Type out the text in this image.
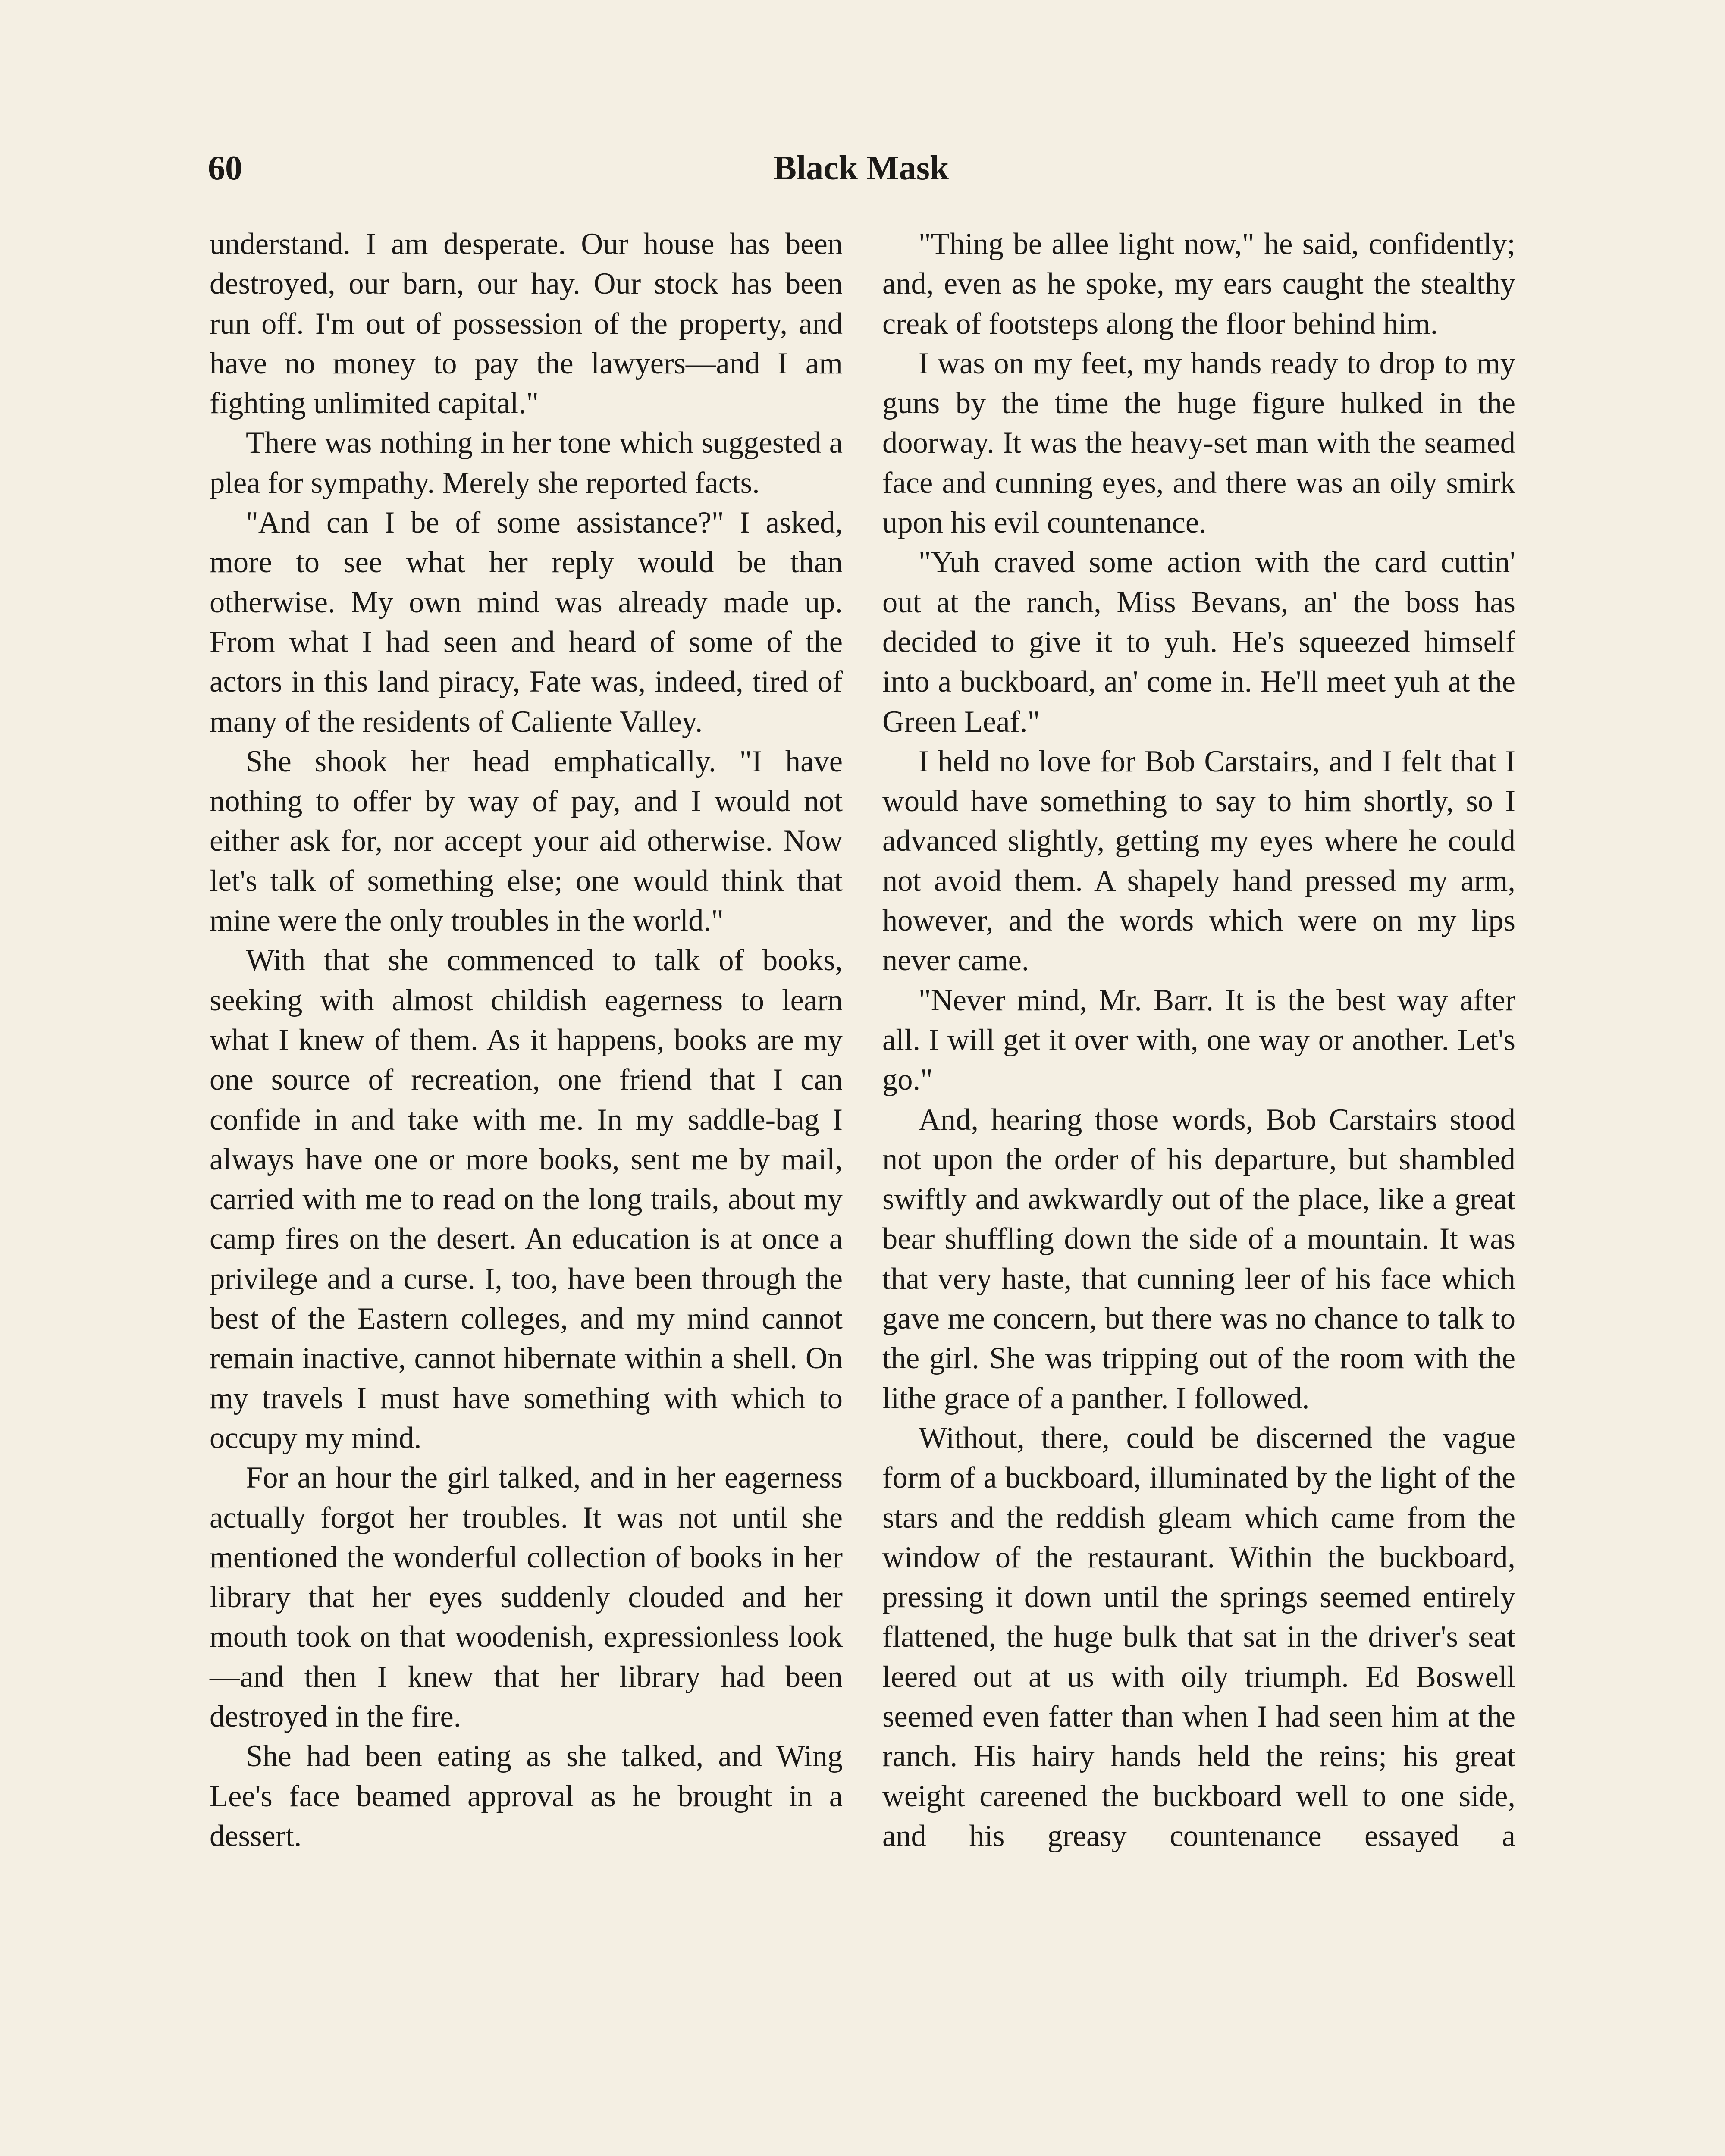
60	Black Mask

understand. I am desperate. Our house has been destroyed, our barn, our hay. Our stock has been run off. I'm out of possession of the property, and have no money to pay the lawyers—and I am fighting unlimited capital."

There was nothing in her tone which suggested a plea for sympathy. Merely she reported facts.

"And can I be of some assistance?" I asked, more to see what her reply would be than otherwise. My own mind was already made up. From what I had seen and heard of some of the actors in this land piracy, Fate was, indeed, tired of many of the residents of Caliente Valley.

She shook her head emphatically. "I have nothing to offer by way of pay, and I would not either ask for, nor accept your aid otherwise. Now let's talk of something else; one would think that mine were the only troubles in the world."

With that she commenced to talk of books, seeking with almost childish eagerness to learn what I knew of them. As it happens, books are my one source of recreation, one friend that I can confide in and take with me. In my saddle-bag I always have one or more books, sent me by mail, carried with me to read on the long trails, about my camp fires on the desert. An education is at once a privilege and a curse. I, too, have been through the best of the Eastern colleges, and my mind cannot remain inactive, cannot hibernate within a shell. On my travels I must have something with which to occupy my mind.

For an hour the girl talked, and in her eagerness actually forgot her troubles. It was not until she mentioned the wonderful collection of books in her library that her eyes suddenly clouded and her mouth took on that woodenish, expressionless look—and then I knew that her library had been destroyed in the fire.

She had been eating as she talked, and Wing Lee's face beamed approval as he brought in a dessert.

"Thing be allee light now," he said, confidently; and, even as he spoke, my ears caught the stealthy creak of footsteps along the floor behind him.

I was on my feet, my hands ready to drop to my guns by the time the huge figure hulked in the doorway. It was the heavy-set man with the seamed face and cunning eyes, and there was an oily smirk upon his evil countenance.

"Yuh craved some action with the card cuttin' out at the ranch, Miss Bevans, an' the boss has decided to give it to yuh. He's squeezed himself into a buckboard, an' come in. He'll meet yuh at the Green Leaf."

I held no love for Bob Carstairs, and I felt that I would have something to say to him shortly, so I advanced slightly, getting my eyes where he could not avoid them. A shapely hand pressed my arm, however, and the words which were on my lips never came.

"Never mind, Mr. Barr. It is the best way after all. I will get it over with, one way or another. Let's go."

And, hearing those words, Bob Carstairs stood not upon the order of his departure, but shambled swiftly and awkwardly out of the place, like a great bear shuffling down the side of a mountain. It was that very haste, that cunning leer of his face which gave me concern, but there was no chance to talk to the girl. She was tripping out of the room with the lithe grace of a panther. I followed.

Without, there, could be discerned the vague form of a buckboard, illuminated by the light of the stars and the reddish gleam which came from the window of the restaurant. Within the buckboard, pressing it down until the springs seemed entirely flattened, the huge bulk that sat in the driver's seat leered out at us with oily triumph. Ed Boswell seemed even fatter than when I had seen him at the ranch. His hairy hands held the reins; his great weight careened the buckboard well to one side, and his greasy countenance essayed a
